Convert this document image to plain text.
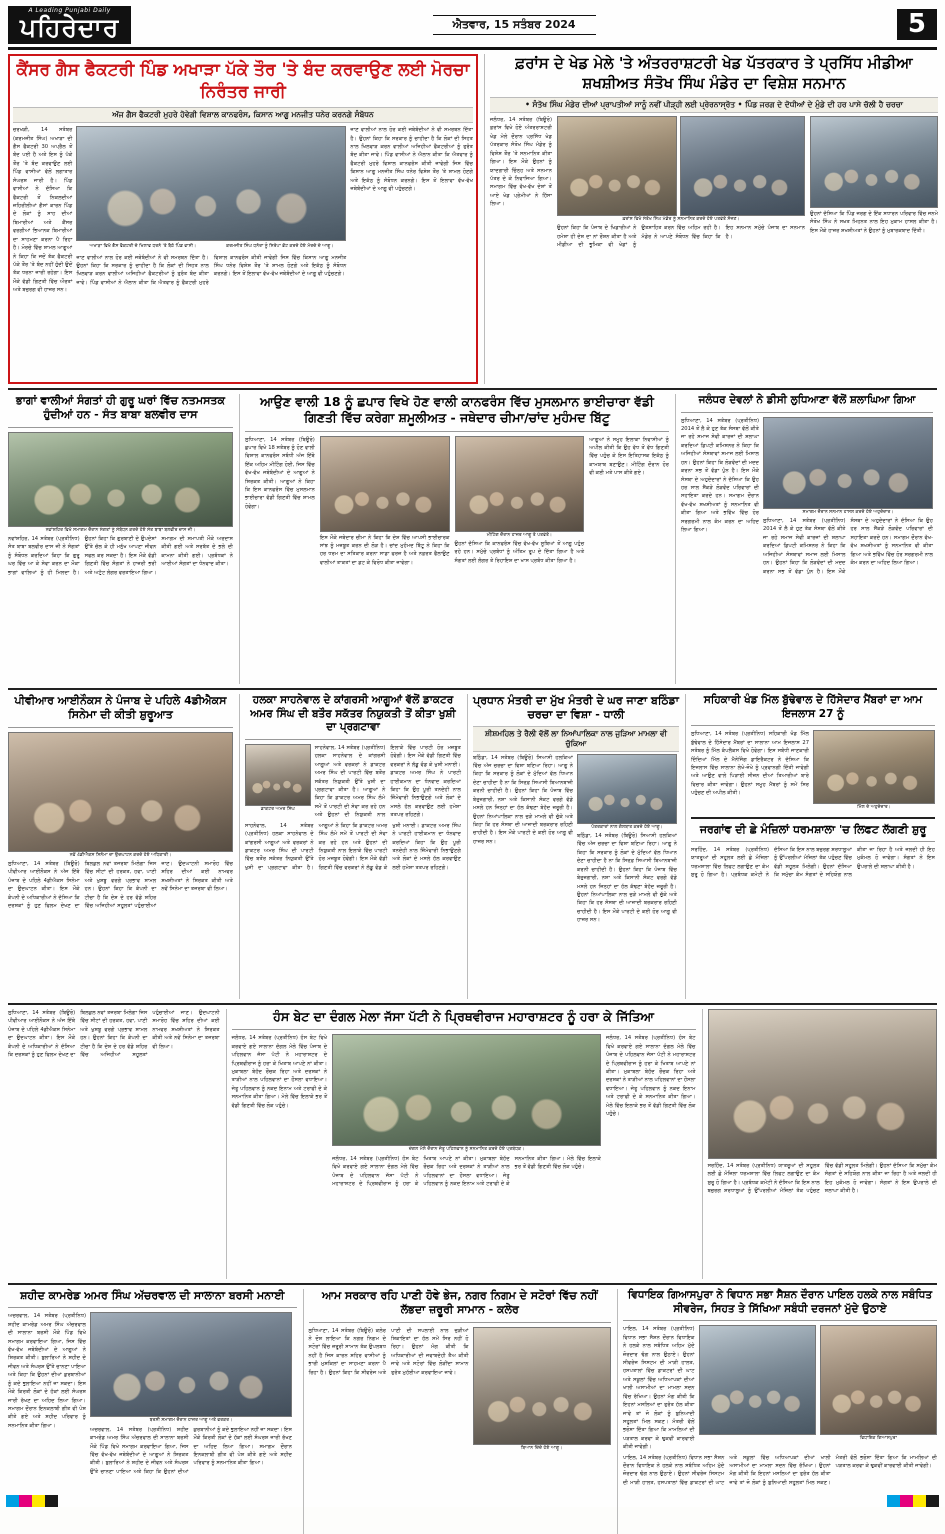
A Leading Punjabi Daily
ਪਹਿਰੇਦਾਰ	ਐਤਵਾਰ, 15 ਸਤੰਬਰ 2024	5
ਕੈਂਸਰ ਗੈਸ ਫੈਕਟਰੀ ਪਿੰਡ ਅਖਾੜਾ ਪੱਕੇ ਤੌਰ 'ਤੇ ਬੰਦ ਕਰਵਾਉਣ ਲਈ ਮੋਰਚਾ ਨਿਰੰਤਰ ਜਾਰੀ
ਅੱਜ ਗੈਸ ਫੈਕਟਰੀ ਮੁਹਰੇ ਹੋਵੇਗੀ ਵਿਸ਼ਾਲ ਕਾਨਫਰੰਸ, ਕਿਸਾਨ ਆਗੂ ਮਨਜੀਤ ਧਨੇਰ ਕਰਨਗੇ ਸੰਬੋਧਨ
ਚਰਖੜੀ, 14 ਸਤੰਬਰ (ਕਰਮਜੀਤ ਸਿੰਘ) ਅਖਾੜਾ ਦੀ ਗੈਸ ਫੈਕਟਰੀ 30 ਅਪ੍ਰੈਲ ਤੋਂ ਬੰਦ ਪਈ ਹੈ ਅਤੇ ਇਸ ਨੂੰ ਪੱਕੇ ਤੌਰ 'ਤੇ ਬੰਦ ਕਰਵਾਉਣ ਲਈ ਪਿੰਡ ਵਾਸੀਆਂ ਵੱਲੋਂ ਲਗਾਤਾਰ ਸੰਘਰਸ਼ ਜਾਰੀ ਹੈ। ਪਿੰਡ ਵਾਸੀਆਂ ਨੇ ਦੱਸਿਆ ਕਿ ਫੈਕਟਰੀ ਤੋਂ ਨਿਕਲਦੀਆਂ ਜ਼ਹਿਰੀਲੀਆਂ ਗੈਸਾਂ ਕਾਰਨ ਪਿੰਡ ਦੇ ਲੋਕਾਂ ਨੂੰ ਸਾਹ ਦੀਆਂ ਬਿਮਾਰੀਆਂ ਅਤੇ ਕੈਂਸਰ ਵਰਗੀਆਂ ਭਿਆਨਕ ਬਿਮਾਰੀਆਂ ਦਾ ਸਾਹਮਣਾ ਕਰਨਾ ਪੈ ਰਿਹਾ ਹੈ। ਮੋਰਚੇ ਵਿੱਚ ਸ਼ਾਮਲ ਆਗੂਆਂ ਨੇ ਕਿਹਾ ਕਿ ਜਦੋਂ ਤੱਕ ਫੈਕਟਰੀ ਪੱਕੇ ਤੌਰ 'ਤੇ ਬੰਦ ਨਹੀਂ ਹੁੰਦੀ ਉਦੋਂ ਤੱਕ ਧਰਨਾ ਜਾਰੀ ਰਹੇਗਾ। ਇਸ ਮੌਕੇ ਵੱਡੀ ਗਿਣਤੀ ਵਿੱਚ ਔਰਤਾਂ ਅਤੇ ਬਜ਼ੁਰਗ ਵੀ ਹਾਜ਼ਰ ਸਨ।
ਅਖਾੜਾ ਵਿਖੇ ਗੈਸ ਫੈਕਟਰੀ ਦੇ ਖਿਲਾਫ ਧਰਨੇ 'ਤੇ ਬੈਠੇ ਪਿੰਡ ਵਾਸੀ।	ਕਰਮਜੀਤ ਸਿੰਘ ਧਨੇਰਾ ਨੂੰ ਸਿਰੋਪਾ ਭੇਂਟ ਕਰਦੇ ਹੋਏ ਮੋਰਚੇ ਦੇ ਆਗੂ।
ਜਾਣ ਵਾਲੀਆਂ ਨਾਲ ਹੋਰ ਕਈ ਜਥੇਬੰਦੀਆਂ ਨੇ ਵੀ ਸਮਰਥਨ ਦਿੱਤਾ ਹੈ। ਉਹਨਾਂ ਕਿਹਾ ਕਿ ਸਰਕਾਰ ਨੂੰ ਚਾਹੀਦਾ ਹੈ ਕਿ ਲੋਕਾਂ ਦੀ ਸਿਹਤ ਨਾਲ ਖਿਲਵਾੜ ਕਰਨ ਵਾਲੀਆਂ ਅਜਿਹੀਆਂ ਫੈਕਟਰੀਆਂ ਨੂੰ ਤੁਰੰਤ ਬੰਦ ਕੀਤਾ ਜਾਵੇ। ਪਿੰਡ ਵਾਸੀਆਂ ਨੇ ਐਲਾਨ ਕੀਤਾ ਕਿ ਐਤਵਾਰ ਨੂੰ ਫੈਕਟਰੀ ਮੁਹਰੇ ਵਿਸ਼ਾਲ ਕਾਨਫਰੰਸ ਕੀਤੀ ਜਾਵੇਗੀ ਜਿਸ ਵਿੱਚ ਕਿਸਾਨ ਆਗੂ ਮਨਜੀਤ ਸਿੰਘ ਧਨੇਰ ਵਿਸ਼ੇਸ਼ ਤੌਰ 'ਤੇ ਸ਼ਾਮਲ ਹੋਣਗੇ ਅਤੇ ਇਕੱਠ ਨੂੰ ਸੰਬੋਧਨ ਕਰਨਗੇ। ਇਸ ਤੋਂ ਇਲਾਵਾ ਵੱਖ-ਵੱਖ ਜਥੇਬੰਦੀਆਂ ਦੇ ਆਗੂ ਵੀ ਪਹੁੰਚਣਗੇ।
ਜਾਣ ਵਾਲੀਆਂ ਨਾਲ ਹੋਰ ਕਈ ਜਥੇਬੰਦੀਆਂ ਨੇ ਵੀ ਸਮਰਥਨ ਦਿੱਤਾ ਹੈ। ਉਹਨਾਂ ਕਿਹਾ ਕਿ ਸਰਕਾਰ ਨੂੰ ਚਾਹੀਦਾ ਹੈ ਕਿ ਲੋਕਾਂ ਦੀ ਸਿਹਤ ਨਾਲ ਖਿਲਵਾੜ ਕਰਨ ਵਾਲੀਆਂ ਅਜਿਹੀਆਂ ਫੈਕਟਰੀਆਂ ਨੂੰ ਤੁਰੰਤ ਬੰਦ ਕੀਤਾ ਜਾਵੇ। ਪਿੰਡ ਵਾਸੀਆਂ ਨੇ ਐਲਾਨ ਕੀਤਾ ਕਿ ਐਤਵਾਰ ਨੂੰ ਫੈਕਟਰੀ ਮੁਹਰੇ ਵਿਸ਼ਾਲ ਕਾਨਫਰੰਸ ਕੀਤੀ ਜਾਵੇਗੀ ਜਿਸ ਵਿੱਚ ਕਿਸਾਨ ਆਗੂ ਮਨਜੀਤ ਸਿੰਘ ਧਨੇਰ ਵਿਸ਼ੇਸ਼ ਤੌਰ 'ਤੇ ਸ਼ਾਮਲ ਹੋਣਗੇ ਅਤੇ ਇਕੱਠ ਨੂੰ ਸੰਬੋਧਨ ਕਰਨਗੇ। ਇਸ ਤੋਂ ਇਲਾਵਾ ਵੱਖ-ਵੱਖ ਜਥੇਬੰਦੀਆਂ ਦੇ ਆਗੂ ਵੀ ਪਹੁੰਚਣਗੇ।
ਫ਼ਰਾਂਸ ਦੇ ਖੇਡ ਮੇਲੇ 'ਤੇ ਅੰਤਰਰਾਸ਼ਟਰੀ ਖੇਡ ਪੱਤਰਕਾਰ ਤੇ ਪ੍ਰਸਿੱਧ ਮੀਡੀਆ ਸ਼ਖਸ਼ੀਅਤ ਸੰਤੋਖ ਸਿੰਘ ਮੰਡੇਰ ਦਾ ਵਿਸ਼ੇਸ਼ ਸਨਮਾਨ
• ਸੰਤੋਖ ਸਿੰਘ ਮੰਡੇਰ ਦੀਆਂ ਪ੍ਰਾਪਤੀਆਂ ਸਾਨੂੰ ਨਵੀਂ ਪੀੜ੍ਹੀ ਲਈ ਪ੍ਰੇਰਨਾਸ੍ਰੋਤ • ਪਿੰਡ ਜਰਗ ਦੇ ਦੋਧੀਆਂ ਦੇ ਮੁੰਡੇ ਦੀ ਹਰ ਪਾਸੇ ਚੱਲੀ ਹੈ ਚਰਚਾ
ਜਲੰਧਰ, 14 ਸਤੰਬਰ (ਬਿਊਰੋ) ਫ਼ਰਾਂਸ ਵਿਖੇ ਹੋਏ ਅੰਤਰਰਾਸ਼ਟਰੀ ਖੇਡ ਮੇਲੇ ਦੌਰਾਨ ਪ੍ਰਸਿੱਧ ਖੇਡ ਪੱਤਰਕਾਰ ਸੰਤੋਖ ਸਿੰਘ ਮੰਡੇਰ ਨੂੰ ਵਿਸ਼ੇਸ਼ ਤੌਰ 'ਤੇ ਸਨਮਾਨਿਤ ਕੀਤਾ ਗਿਆ। ਇਸ ਮੌਕੇ ਉਹਨਾਂ ਨੂੰ ਯਾਦਗਾਰੀ ਚਿੰਨ੍ਹ ਅਤੇ ਸਨਮਾਨ ਪੱਤਰ ਦੇ ਕੇ ਨਿਵਾਜਿਆ ਗਿਆ। ਸਮਾਗਮ ਵਿੱਚ ਵੱਖ-ਵੱਖ ਦੇਸ਼ਾਂ ਤੋਂ ਆਏ ਖੇਡ ਪ੍ਰੇਮੀਆਂ ਨੇ ਹਿੱਸਾ ਲਿਆ।
ਫ਼ਰਾਂਸ ਵਿਖੇ ਸੰਤੋਖ ਸਿੰਘ ਮੰਡੇਰ ਨੂੰ ਸਨਮਾਨਿਤ ਕਰਦੇ ਹੋਏ ਪਤਵੰਤੇ ਸੱਜਣ।
ਉਹਨਾਂ ਕਿਹਾ ਕਿ ਪੰਜਾਬ ਦੇ ਖਿਡਾਰੀਆਂ ਨੇ ਹਮੇਸ਼ਾ ਹੀ ਦੇਸ਼ ਦਾ ਨਾਂ ਰੌਸ਼ਨ ਕੀਤਾ ਹੈ ਅਤੇ ਮੀਡੀਆ ਦੀ ਭੂਮਿਕਾ ਵੀ ਖੇਡਾਂ ਨੂੰ ਉਤਸ਼ਾਹਿਤ ਕਰਨ ਵਿੱਚ ਅਹਿਮ ਰਹੀ ਹੈ। ਮੰਡੇਰ ਨੇ ਆਪਣੇ ਸੰਬੋਧਨ ਵਿੱਚ ਕਿਹਾ ਕਿ ਇਹ ਸਨਮਾਨ ਸਮੁੱਚੇ ਪੰਜਾਬ ਦਾ ਸਨਮਾਨ ਹੈ।
ਉਹਨਾਂ ਦੱਸਿਆ ਕਿ ਪਿੰਡ ਜਰਗ ਦੇ ਇੱਕ ਸਧਾਰਨ ਪਰਿਵਾਰ ਵਿੱਚ ਜਨਮੇ ਸੰਤੋਖ ਸਿੰਘ ਨੇ ਸਖ਼ਤ ਮਿਹਨਤ ਨਾਲ ਇਹ ਮੁਕਾਮ ਹਾਸਲ ਕੀਤਾ ਹੈ। ਇਸ ਮੌਕੇ ਹਾਜ਼ਰ ਸ਼ਖਸ਼ੀਅਤਾਂ ਨੇ ਉਹਨਾਂ ਨੂੰ ਮੁਬਾਰਕਬਾਦ ਦਿੱਤੀ।
ਭਾਗਾਂ ਵਾਲੀਆਂ ਸੰਗਤਾਂ ਹੀ ਗੁਰੂ ਘਰਾਂ ਵਿੱਚ ਨਤਮਸਤਕ ਹੁੰਦੀਆਂ ਹਨ - ਸੰਤ ਬਾਬਾ ਬਲਵੀਰ ਦਾਸ
ਨਵਾਂਸ਼ਹਿਰ ਵਿਖੇ ਸਮਾਗਮ ਦੌਰਾਨ ਸੰਗਤਾਂ ਨੂੰ ਸੰਬੋਧਨ ਕਰਦੇ ਹੋਏ ਸੰਤ ਬਾਬਾ ਬਲਵੀਰ ਦਾਸ ਜੀ।
ਨਵਾਂਸ਼ਹਿਰ, 14 ਸਤੰਬਰ (ਪ੍ਰਤੀਨਿਧ) ਸੰਤ ਬਾਬਾ ਬਲਵੀਰ ਦਾਸ ਜੀ ਨੇ ਸੰਗਤਾਂ ਨੂੰ ਸੰਬੋਧਨ ਕਰਦਿਆਂ ਕਿਹਾ ਕਿ ਗੁਰੂ ਘਰ ਵਿੱਚ ਆ ਕੇ ਸੇਵਾ ਕਰਨ ਦਾ ਮੌਕਾ ਭਾਗਾਂ ਵਾਲਿਆਂ ਨੂੰ ਹੀ ਮਿਲਦਾ ਹੈ। ਉਹਨਾਂ ਕਿਹਾ ਕਿ ਗੁਰਬਾਣੀ ਦੇ ਉਪਦੇਸ਼ਾਂ ਉੱਤੇ ਚੱਲ ਕੇ ਹੀ ਮਨੁੱਖ ਆਪਣਾ ਜੀਵਨ ਸਫਲ ਕਰ ਸਕਦਾ ਹੈ। ਇਸ ਮੌਕੇ ਵੱਡੀ ਗਿਣਤੀ ਵਿੱਚ ਸੰਗਤਾਂ ਨੇ ਹਾਜ਼ਰੀ ਭਰੀ ਅਤੇ ਅਟੁੱਟ ਲੰਗਰ ਵਰਤਾਇਆ ਗਿਆ। ਸਮਾਗਮ ਦੀ ਸਮਾਪਤੀ ਮੌਕੇ ਅਰਦਾਸ ਕੀਤੀ ਗਈ ਅਤੇ ਸਰਬੱਤ ਦੇ ਭਲੇ ਦੀ ਕਾਮਨਾ ਕੀਤੀ ਗਈ। ਪ੍ਰਬੰਧਕਾਂ ਨੇ ਆਈਆਂ ਸੰਗਤਾਂ ਦਾ ਧੰਨਵਾਦ ਕੀਤਾ।
ਆਉਣ ਵਾਲੀ 18 ਨੂੰ ਛਪਾਰ ਵਿਖੇ ਹੋਣ ਵਾਲੀ ਕਾਨਫਰੰਸ ਵਿੱਚ ਮੁਸਲਮਾਨ ਭਾਈਚਾਰਾ ਵੱਡੀ ਗਿਣਤੀ ਵਿੱਚ ਕਰੇਗਾ ਸ਼ਮੂਲੀਅਤ - ਜਥੇਦਾਰ ਚੀਮਾ/ਚਾਂਦ ਮੁਹੰਮਦ ਬਿੱਟੂ
ਲੁਧਿਆਣਾ, 14 ਸਤੰਬਰ (ਬਿਊਰੋ) ਛਪਾਰ ਵਿਖੇ 18 ਸਤੰਬਰ ਨੂੰ ਹੋਣ ਵਾਲੀ ਵਿਸ਼ਾਲ ਕਾਨਫਰੰਸ ਸਬੰਧੀ ਅੱਜ ਇੱਥੇ ਇੱਕ ਅਹਿਮ ਮੀਟਿੰਗ ਹੋਈ, ਜਿਸ ਵਿੱਚ ਵੱਖ-ਵੱਖ ਜਥੇਬੰਦੀਆਂ ਦੇ ਆਗੂਆਂ ਨੇ ਸ਼ਿਰਕਤ ਕੀਤੀ। ਆਗੂਆਂ ਨੇ ਕਿਹਾ ਕਿ ਇਸ ਕਾਨਫਰੰਸ ਵਿੱਚ ਮੁਸਲਮਾਨ ਭਾਈਚਾਰਾ ਵੱਡੀ ਗਿਣਤੀ ਵਿੱਚ ਸ਼ਾਮਲ ਹੋਵੇਗਾ।
ਇਸ ਮੌਕੇ ਜਥੇਦਾਰ ਚੀਮਾ ਨੇ ਕਿਹਾ ਕਿ ਦੇਸ਼ ਵਿੱਚ ਆਪਸੀ ਭਾਈਚਾਰਕ ਸਾਂਝ ਨੂੰ ਮਜ਼ਬੂਤ ਕਰਨ ਦੀ ਲੋੜ ਹੈ। ਚਾਂਦ ਮੁਹੰਮਦ ਬਿੱਟੂ ਨੇ ਕਿਹਾ ਕਿ ਹਰ ਧਰਮ ਦਾ ਸਤਿਕਾਰ ਕਰਨਾ ਸਾਡਾ ਫਰਜ਼ ਹੈ ਅਤੇ ਨਫ਼ਰਤ ਫੈਲਾਉਣ ਵਾਲੀਆਂ ਤਾਕਤਾਂ ਦਾ ਡਟ ਕੇ ਵਿਰੋਧ ਕੀਤਾ ਜਾਵੇਗਾ।
ਮੀਟਿੰਗ ਦੌਰਾਨ ਹਾਜ਼ਰ ਆਗੂ ਤੇ ਪਤਵੰਤੇ।
ਉਹਨਾਂ ਦੱਸਿਆ ਕਿ ਕਾਨਫਰੰਸ ਵਿੱਚ ਵੱਖ-ਵੱਖ ਸੂਬਿਆਂ ਤੋਂ ਆਗੂ ਪਹੁੰਚ ਰਹੇ ਹਨ। ਸਮੁੱਚੇ ਪ੍ਰਬੰਧਾਂ ਨੂੰ ਅੰਤਿਮ ਰੂਪ ਦੇ ਦਿੱਤਾ ਗਿਆ ਹੈ ਅਤੇ ਸੰਗਤਾਂ ਲਈ ਲੰਗਰ ਤੇ ਰਿਹਾਇਸ਼ ਦਾ ਖਾਸ ਪ੍ਰਬੰਧ ਕੀਤਾ ਗਿਆ ਹੈ।
ਆਗੂਆਂ ਨੇ ਸਮੂਹ ਇਲਾਕਾ ਨਿਵਾਸੀਆਂ ਨੂੰ ਅਪੀਲ ਕੀਤੀ ਕਿ ਉਹ ਵੱਧ ਤੋਂ ਵੱਧ ਗਿਣਤੀ ਵਿੱਚ ਪਹੁੰਚ ਕੇ ਇਸ ਇਤਿਹਾਸਕ ਇਕੱਠ ਨੂੰ ਕਾਮਯਾਬ ਬਣਾਉਣ। ਮੀਟਿੰਗ ਦੌਰਾਨ ਹੋਰ ਵੀ ਕਈ ਮਤੇ ਪਾਸ ਕੀਤੇ ਗਏ।
ਜਲੰਧਰ ਦੇਵਲਾਂ ਨੇ ਡੀਸੀ ਲੁਧਿਆਣਾ ਵੱਲੋਂ ਸ਼ਲਾਘਿਆ ਗਿਆ
ਲੁਧਿਆਣਾ, 14 ਸਤੰਬਰ (ਪ੍ਰਤੀਨਿਧ) 2014 ਤੋਂ ਲੈ ਕੇ ਹੁਣ ਤੱਕ ਸੰਸਥਾ ਵੱਲੋਂ ਕੀਤੇ ਜਾ ਰਹੇ ਸਮਾਜ ਸੇਵੀ ਕਾਰਜਾਂ ਦੀ ਸ਼ਲਾਘਾ ਕਰਦਿਆਂ ਡਿਪਟੀ ਕਮਿਸ਼ਨਰ ਨੇ ਕਿਹਾ ਕਿ ਅਜਿਹੀਆਂ ਸੰਸਥਾਵਾਂ ਸਮਾਜ ਲਈ ਮਿਸਾਲ ਹਨ। ਉਹਨਾਂ ਕਿਹਾ ਕਿ ਲੋੜਵੰਦਾਂ ਦੀ ਮਦਦ ਕਰਨਾ ਸਭ ਤੋਂ ਵੱਡਾ ਪੁੰਨ ਹੈ। ਇਸ ਮੌਕੇ ਸੰਸਥਾ ਦੇ ਅਹੁਦੇਦਾਰਾਂ ਨੇ ਦੱਸਿਆ ਕਿ ਉਹ ਹਰ ਸਾਲ ਸੈਂਕੜੇ ਲੋੜਵੰਦ ਪਰਿਵਾਰਾਂ ਦੀ ਸਹਾਇਤਾ ਕਰਦੇ ਹਨ। ਸਮਾਗਮ ਦੌਰਾਨ ਵੱਖ-ਵੱਖ ਸ਼ਖਸ਼ੀਅਤਾਂ ਨੂੰ ਸਨਮਾਨਿਤ ਵੀ ਕੀਤਾ ਗਿਆ ਅਤੇ ਭਵਿੱਖ ਵਿੱਚ ਹੋਰ ਸਰਗਰਮੀ ਨਾਲ ਕੰਮ ਕਰਨ ਦਾ ਅਹਿਦ ਲਿਆ ਗਿਆ।
ਸਮਾਗਮ ਦੌਰਾਨ ਸਨਮਾਨ ਹਾਸਲ ਕਰਦੇ ਹੋਏ ਅਹੁਦੇਦਾਰ।
ਲੁਧਿਆਣਾ, 14 ਸਤੰਬਰ (ਪ੍ਰਤੀਨਿਧ) 2014 ਤੋਂ ਲੈ ਕੇ ਹੁਣ ਤੱਕ ਸੰਸਥਾ ਵੱਲੋਂ ਕੀਤੇ ਜਾ ਰਹੇ ਸਮਾਜ ਸੇਵੀ ਕਾਰਜਾਂ ਦੀ ਸ਼ਲਾਘਾ ਕਰਦਿਆਂ ਡਿਪਟੀ ਕਮਿਸ਼ਨਰ ਨੇ ਕਿਹਾ ਕਿ ਅਜਿਹੀਆਂ ਸੰਸਥਾਵਾਂ ਸਮਾਜ ਲਈ ਮਿਸਾਲ ਹਨ। ਉਹਨਾਂ ਕਿਹਾ ਕਿ ਲੋੜਵੰਦਾਂ ਦੀ ਮਦਦ ਕਰਨਾ ਸਭ ਤੋਂ ਵੱਡਾ ਪੁੰਨ ਹੈ। ਇਸ ਮੌਕੇ ਸੰਸਥਾ ਦੇ ਅਹੁਦੇਦਾਰਾਂ ਨੇ ਦੱਸਿਆ ਕਿ ਉਹ ਹਰ ਸਾਲ ਸੈਂਕੜੇ ਲੋੜਵੰਦ ਪਰਿਵਾਰਾਂ ਦੀ ਸਹਾਇਤਾ ਕਰਦੇ ਹਨ। ਸਮਾਗਮ ਦੌਰਾਨ ਵੱਖ-ਵੱਖ ਸ਼ਖਸ਼ੀਅਤਾਂ ਨੂੰ ਸਨਮਾਨਿਤ ਵੀ ਕੀਤਾ ਗਿਆ ਅਤੇ ਭਵਿੱਖ ਵਿੱਚ ਹੋਰ ਸਰਗਰਮੀ ਨਾਲ ਕੰਮ ਕਰਨ ਦਾ ਅਹਿਦ ਲਿਆ ਗਿਆ।
ਪੀਵੀਆਰ ਆਈਨੌਕਸ ਨੇ ਪੰਜਾਬ ਦੇ ਪਹਿਲੇ 4ਡੀਐਕਸ ਸਿਨੇਮਾ ਦੀ ਕੀਤੀ ਸ਼ੁਰੂਆਤ
ਨਵੇਂ 4ਡੀਐਕਸ ਸਿਨੇਮਾ ਦਾ ਉਦਘਾਟਨ ਕਰਦੇ ਹੋਏ ਅਧਿਕਾਰੀ।
ਲੁਧਿਆਣਾ, 14 ਸਤੰਬਰ (ਬਿਊਰੋ) ਪੀਵੀਆਰ ਆਈਨੌਕਸ ਨੇ ਅੱਜ ਇੱਥੇ ਪੰਜਾਬ ਦੇ ਪਹਿਲੇ 4ਡੀਐਕਸ ਸਿਨੇਮਾ ਦਾ ਉਦਘਾਟਨ ਕੀਤਾ। ਇਸ ਮੌਕੇ ਕੰਪਨੀ ਦੇ ਅਧਿਕਾਰੀਆਂ ਨੇ ਦੱਸਿਆ ਕਿ ਦਰਸ਼ਕਾਂ ਨੂੰ ਹੁਣ ਫਿਲਮ ਦੇਖਣ ਦਾ ਬਿਲਕੁਲ ਨਵਾਂ ਤਜਰਬਾ ਮਿਲੇਗਾ ਜਿਸ ਵਿੱਚ ਸੀਟਾਂ ਦੀ ਹਰਕਤ, ਹਵਾ, ਪਾਣੀ ਅਤੇ ਖੁਸ਼ਬੂ ਵਰਗੇ ਪ੍ਰਭਾਵ ਸ਼ਾਮਲ ਹਨ। ਉਹਨਾਂ ਕਿਹਾ ਕਿ ਕੰਪਨੀ ਦਾ ਟੀਚਾ ਹੈ ਕਿ ਦੇਸ਼ ਦੇ ਹਰ ਵੱਡੇ ਸ਼ਹਿਰ ਵਿੱਚ ਅਜਿਹੀਆਂ ਸਹੂਲਤਾਂ ਪਹੁੰਚਾਈਆਂ ਜਾਣ। ਉਦਘਾਟਨੀ ਸਮਾਰੋਹ ਵਿੱਚ ਸ਼ਹਿਰ ਦੀਆਂ ਕਈ ਨਾਮਵਰ ਸ਼ਖਸ਼ੀਅਤਾਂ ਨੇ ਸ਼ਿਰਕਤ ਕੀਤੀ ਅਤੇ ਨਵੇਂ ਸਿਨੇਮਾ ਦਾ ਤਜਰਬਾ ਵੀ ਲਿਆ।
ਹਲਕਾ ਸਾਹਨੇਵਾਲ ਦੇ ਕਾਂਗਰਸੀ ਆਗੂਆਂ ਵੱਲੋਂ ਡਾਕਟਰ ਅਮਰ ਸਿੰਘ ਦੀ ਬਤੌਰ ਸਕੱਤਰ ਨਿਯੁਕਤੀ ਤੋਂ ਕੀਤਾ ਖੁਸ਼ੀ ਦਾ ਪ੍ਰਗਟਾਵਾ
ਡਾਕਟਰ ਅਮਰ ਸਿੰਘ
ਸਾਹਨੇਵਾਲ, 14 ਸਤੰਬਰ (ਪ੍ਰਤੀਨਿਧ) ਹਲਕਾ ਸਾਹਨੇਵਾਲ ਦੇ ਕਾਂਗਰਸੀ ਆਗੂਆਂ ਅਤੇ ਵਰਕਰਾਂ ਨੇ ਡਾਕਟਰ ਅਮਰ ਸਿੰਘ ਦੀ ਪਾਰਟੀ ਵਿੱਚ ਬਤੌਰ ਸਕੱਤਰ ਨਿਯੁਕਤੀ ਉੱਤੇ ਖੁਸ਼ੀ ਦਾ ਪ੍ਰਗਟਾਵਾ ਕੀਤਾ ਹੈ। ਆਗੂਆਂ ਨੇ ਕਿਹਾ ਕਿ ਡਾਕਟਰ ਅਮਰ ਸਿੰਘ ਲੰਮੇ ਸਮੇਂ ਤੋਂ ਪਾਰਟੀ ਦੀ ਸੇਵਾ ਕਰ ਰਹੇ ਹਨ ਅਤੇ ਉਹਨਾਂ ਦੀ ਨਿਯੁਕਤੀ ਨਾਲ ਇਲਾਕੇ ਵਿੱਚ ਪਾਰਟੀ ਹੋਰ ਮਜ਼ਬੂਤ ਹੋਵੇਗੀ। ਇਸ ਮੌਕੇ ਵੱਡੀ ਗਿਣਤੀ ਵਿੱਚ ਵਰਕਰਾਂ ਨੇ ਲੱਡੂ ਵੰਡ ਕੇ ਖੁਸ਼ੀ ਮਨਾਈ। ਡਾਕਟਰ ਅਮਰ ਸਿੰਘ ਨੇ ਪਾਰਟੀ ਹਾਈਕਮਾਨ ਦਾ ਧੰਨਵਾਦ ਕਰਦਿਆਂ ਕਿਹਾ ਕਿ ਉਹ ਪੂਰੀ ਤਨਦੇਹੀ ਨਾਲ ਜ਼ਿੰਮੇਵਾਰੀ ਨਿਭਾਉਣਗੇ ਅਤੇ ਲੋਕਾਂ ਦੇ ਮਸਲੇ ਹੱਲ ਕਰਵਾਉਣ ਲਈ ਹਮੇਸ਼ਾ ਤਤਪਰ ਰਹਿਣਗੇ।
ਸਾਹਨੇਵਾਲ, 14 ਸਤੰਬਰ (ਪ੍ਰਤੀਨਿਧ) ਹਲਕਾ ਸਾਹਨੇਵਾਲ ਦੇ ਕਾਂਗਰਸੀ ਆਗੂਆਂ ਅਤੇ ਵਰਕਰਾਂ ਨੇ ਡਾਕਟਰ ਅਮਰ ਸਿੰਘ ਦੀ ਪਾਰਟੀ ਵਿੱਚ ਬਤੌਰ ਸਕੱਤਰ ਨਿਯੁਕਤੀ ਉੱਤੇ ਖੁਸ਼ੀ ਦਾ ਪ੍ਰਗਟਾਵਾ ਕੀਤਾ ਹੈ। ਆਗੂਆਂ ਨੇ ਕਿਹਾ ਕਿ ਡਾਕਟਰ ਅਮਰ ਸਿੰਘ ਲੰਮੇ ਸਮੇਂ ਤੋਂ ਪਾਰਟੀ ਦੀ ਸੇਵਾ ਕਰ ਰਹੇ ਹਨ ਅਤੇ ਉਹਨਾਂ ਦੀ ਨਿਯੁਕਤੀ ਨਾਲ ਇਲਾਕੇ ਵਿੱਚ ਪਾਰਟੀ ਹੋਰ ਮਜ਼ਬੂਤ ਹੋਵੇਗੀ। ਇਸ ਮੌਕੇ ਵੱਡੀ ਗਿਣਤੀ ਵਿੱਚ ਵਰਕਰਾਂ ਨੇ ਲੱਡੂ ਵੰਡ ਕੇ ਖੁਸ਼ੀ ਮਨਾਈ। ਡਾਕਟਰ ਅਮਰ ਸਿੰਘ ਨੇ ਪਾਰਟੀ ਹਾਈਕਮਾਨ ਦਾ ਧੰਨਵਾਦ ਕਰਦਿਆਂ ਕਿਹਾ ਕਿ ਉਹ ਪੂਰੀ ਤਨਦੇਹੀ ਨਾਲ ਜ਼ਿੰਮੇਵਾਰੀ ਨਿਭਾਉਣਗੇ ਅਤੇ ਲੋਕਾਂ ਦੇ ਮਸਲੇ ਹੱਲ ਕਰਵਾਉਣ ਲਈ ਹਮੇਸ਼ਾ ਤਤਪਰ ਰਹਿਣਗੇ।
ਪ੍ਰਧਾਨ ਮੰਤਰੀ ਦਾ ਮੁੱਖ ਮੰਤਰੀ ਦੇ ਘਰ ਜਾਣਾ ਬਠਿੰਡਾ ਚਰਚਾ ਦਾ ਵਿਸ਼ਾ - ਧਾਲੀ
ਸ਼ੀਸ਼ਮਹਿਲ ਤੇ ਰੈਲੀ ਵੱਲੋਂ ਲਾ ਨਿਆਂਪਾਲਿਕਾ ਨਾਲ ਜੁੜਿਆ ਮਾਮਲਾ ਵੀ ਚੁੱਕਿਆ
ਬਠਿੰਡਾ, 14 ਸਤੰਬਰ (ਬਿਊਰੋ) ਸਿਆਸੀ ਹਲਕਿਆਂ ਵਿੱਚ ਅੱਜ ਚਰਚਾ ਦਾ ਵਿਸ਼ਾ ਬਣਿਆ ਰਿਹਾ। ਆਗੂ ਨੇ ਕਿਹਾ ਕਿ ਸਰਕਾਰ ਨੂੰ ਲੋਕਾਂ ਦੇ ਮੁੱਦਿਆਂ ਵੱਲ ਧਿਆਨ ਦੇਣਾ ਚਾਹੀਦਾ ਹੈ ਨਾ ਕਿ ਸਿਰਫ਼ ਸਿਆਸੀ ਬਿਆਨਬਾਜ਼ੀ ਕਰਨੀ ਚਾਹੀਦੀ ਹੈ। ਉਹਨਾਂ ਕਿਹਾ ਕਿ ਪੰਜਾਬ ਵਿੱਚ ਬੇਰੁਜ਼ਗਾਰੀ, ਨਸ਼ਾ ਅਤੇ ਕਿਸਾਨੀ ਸੰਕਟ ਵਰਗੇ ਵੱਡੇ ਮਸਲੇ ਹਨ ਜਿਨ੍ਹਾਂ ਦਾ ਹੱਲ ਕੱਢਣਾ ਬੇਹੱਦ ਜ਼ਰੂਰੀ ਹੈ। ਉਹਨਾਂ ਨਿਆਂਪਾਲਿਕਾ ਨਾਲ ਜੁੜੇ ਮਾਮਲੇ ਵੀ ਚੁੱਕੇ ਅਤੇ ਕਿਹਾ ਕਿ ਹਰ ਸੰਸਥਾ ਦੀ ਆਜ਼ਾਦੀ ਬਰਕਰਾਰ ਰਹਿਣੀ ਚਾਹੀਦੀ ਹੈ। ਇਸ ਮੌਕੇ ਪਾਰਟੀ ਦੇ ਕਈ ਹੋਰ ਆਗੂ ਵੀ ਹਾਜ਼ਰ ਸਨ।
ਪੱਤਰਕਾਰਾਂ ਨਾਲ ਗੱਲਬਾਤ ਕਰਦੇ ਹੋਏ ਆਗੂ।
ਬਠਿੰਡਾ, 14 ਸਤੰਬਰ (ਬਿਊਰੋ) ਸਿਆਸੀ ਹਲਕਿਆਂ ਵਿੱਚ ਅੱਜ ਚਰਚਾ ਦਾ ਵਿਸ਼ਾ ਬਣਿਆ ਰਿਹਾ। ਆਗੂ ਨੇ ਕਿਹਾ ਕਿ ਸਰਕਾਰ ਨੂੰ ਲੋਕਾਂ ਦੇ ਮੁੱਦਿਆਂ ਵੱਲ ਧਿਆਨ ਦੇਣਾ ਚਾਹੀਦਾ ਹੈ ਨਾ ਕਿ ਸਿਰਫ਼ ਸਿਆਸੀ ਬਿਆਨਬਾਜ਼ੀ ਕਰਨੀ ਚਾਹੀਦੀ ਹੈ। ਉਹਨਾਂ ਕਿਹਾ ਕਿ ਪੰਜਾਬ ਵਿੱਚ ਬੇਰੁਜ਼ਗਾਰੀ, ਨਸ਼ਾ ਅਤੇ ਕਿਸਾਨੀ ਸੰਕਟ ਵਰਗੇ ਵੱਡੇ ਮਸਲੇ ਹਨ ਜਿਨ੍ਹਾਂ ਦਾ ਹੱਲ ਕੱਢਣਾ ਬੇਹੱਦ ਜ਼ਰੂਰੀ ਹੈ। ਉਹਨਾਂ ਨਿਆਂਪਾਲਿਕਾ ਨਾਲ ਜੁੜੇ ਮਾਮਲੇ ਵੀ ਚੁੱਕੇ ਅਤੇ ਕਿਹਾ ਕਿ ਹਰ ਸੰਸਥਾ ਦੀ ਆਜ਼ਾਦੀ ਬਰਕਰਾਰ ਰਹਿਣੀ ਚਾਹੀਦੀ ਹੈ। ਇਸ ਮੌਕੇ ਪਾਰਟੀ ਦੇ ਕਈ ਹੋਰ ਆਗੂ ਵੀ ਹਾਜ਼ਰ ਸਨ।
ਸਹਿਕਾਰੀ ਖੰਡ ਮਿੱਲ ਬੁੱਢੇਵਾਲ ਦੇ ਹਿੱਸੇਦਾਰ ਮੈਂਬਰਾਂ ਦਾ ਆਮ ਇਜਲਾਸ 27 ਨੂੰ
ਲੁਧਿਆਣਾ, 14 ਸਤੰਬਰ (ਪ੍ਰਤੀਨਿਧ) ਸਹਿਕਾਰੀ ਖੰਡ ਮਿੱਲ ਬੁੱਢੇਵਾਲ ਦੇ ਹਿੱਸੇਦਾਰ ਮੈਂਬਰਾਂ ਦਾ ਸਾਲਾਨਾ ਆਮ ਇਜਲਾਸ 27 ਸਤੰਬਰ ਨੂੰ ਮਿੱਲ ਕੰਪਲੈਕਸ ਵਿਖੇ ਹੋਵੇਗਾ। ਇਸ ਸਬੰਧੀ ਜਾਣਕਾਰੀ ਦਿੰਦਿਆਂ ਮਿੱਲ ਦੇ ਮੈਨੇਜਿੰਗ ਡਾਇਰੈਕਟਰ ਨੇ ਦੱਸਿਆ ਕਿ ਇਜਲਾਸ ਵਿੱਚ ਸਾਲਾਨਾ ਲੇਖੇ-ਜੋਖੇ ਨੂੰ ਪ੍ਰਵਾਨਗੀ ਦਿੱਤੀ ਜਾਵੇਗੀ ਅਤੇ ਆਉਣ ਵਾਲੇ ਪਿੜਾਈ ਸੀਜ਼ਨ ਦੀਆਂ ਤਿਆਰੀਆਂ ਬਾਰੇ ਵਿਚਾਰ ਕੀਤਾ ਜਾਵੇਗਾ। ਉਹਨਾਂ ਸਮੂਹ ਮੈਂਬਰਾਂ ਨੂੰ ਸਮੇਂ ਸਿਰ ਪਹੁੰਚਣ ਦੀ ਅਪੀਲ ਕੀਤੀ।
ਮਿੱਲ ਦੇ ਅਹੁਦੇਦਾਰ।
ਜਰਗਾਂਵ ਦੀ ਛੇ ਮੰਜ਼ਿਲਾਂ ਧਰਮਸ਼ਾਲਾ 'ਚ ਲਿਫਟ ਲੱਗਣੀ ਸ਼ੁਰੂ
ਸਰਹਿੰਦ, 14 ਸਤੰਬਰ (ਪ੍ਰਤੀਨਿਧ) ਯਾਤਰੂਆਂ ਦੀ ਸਹੂਲਤ ਲਈ ਛੇ ਮੰਜ਼ਿਲਾ ਧਰਮਸ਼ਾਲਾ ਵਿੱਚ ਲਿਫਟ ਲਗਾਉਣ ਦਾ ਕੰਮ ਸ਼ੁਰੂ ਹੋ ਗਿਆ ਹੈ। ਪ੍ਰਬੰਧਕ ਕਮੇਟੀ ਨੇ ਦੱਸਿਆ ਕਿ ਇਸ ਨਾਲ ਬਜ਼ੁਰਗ ਸ਼ਰਧਾਲੂਆਂ ਨੂੰ ਉੱਪਰਲੀਆਂ ਮੰਜ਼ਿਲਾਂ ਤੱਕ ਪਹੁੰਚਣ ਵਿੱਚ ਵੱਡੀ ਸਹੂਲਤ ਮਿਲੇਗੀ। ਉਹਨਾਂ ਦੱਸਿਆ ਕਿ ਸਮੁੱਚਾ ਕੰਮ ਸੰਗਤਾਂ ਦੇ ਸਹਿਯੋਗ ਨਾਲ ਕੀਤਾ ਜਾ ਰਿਹਾ ਹੈ ਅਤੇ ਜਲਦੀ ਹੀ ਇਹ ਮੁਕੰਮਲ ਹੋ ਜਾਵੇਗਾ। ਸੰਗਤਾਂ ਨੇ ਇਸ ਉਪਰਾਲੇ ਦੀ ਸ਼ਲਾਘਾ ਕੀਤੀ ਹੈ।
ਲੁਧਿਆਣਾ, 14 ਸਤੰਬਰ (ਬਿਊਰੋ) ਪੀਵੀਆਰ ਆਈਨੌਕਸ ਨੇ ਅੱਜ ਇੱਥੇ ਪੰਜਾਬ ਦੇ ਪਹਿਲੇ 4ਡੀਐਕਸ ਸਿਨੇਮਾ ਦਾ ਉਦਘਾਟਨ ਕੀਤਾ। ਇਸ ਮੌਕੇ ਕੰਪਨੀ ਦੇ ਅਧਿਕਾਰੀਆਂ ਨੇ ਦੱਸਿਆ ਕਿ ਦਰਸ਼ਕਾਂ ਨੂੰ ਹੁਣ ਫਿਲਮ ਦੇਖਣ ਦਾ ਬਿਲਕੁਲ ਨਵਾਂ ਤਜਰਬਾ ਮਿਲੇਗਾ ਜਿਸ ਵਿੱਚ ਸੀਟਾਂ ਦੀ ਹਰਕਤ, ਹਵਾ, ਪਾਣੀ ਅਤੇ ਖੁਸ਼ਬੂ ਵਰਗੇ ਪ੍ਰਭਾਵ ਸ਼ਾਮਲ ਹਨ। ਉਹਨਾਂ ਕਿਹਾ ਕਿ ਕੰਪਨੀ ਦਾ ਟੀਚਾ ਹੈ ਕਿ ਦੇਸ਼ ਦੇ ਹਰ ਵੱਡੇ ਸ਼ਹਿਰ ਵਿੱਚ ਅਜਿਹੀਆਂ ਸਹੂਲਤਾਂ ਪਹੁੰਚਾਈਆਂ ਜਾਣ। ਉਦਘਾਟਨੀ ਸਮਾਰੋਹ ਵਿੱਚ ਸ਼ਹਿਰ ਦੀਆਂ ਕਈ ਨਾਮਵਰ ਸ਼ਖਸ਼ੀਅਤਾਂ ਨੇ ਸ਼ਿਰਕਤ ਕੀਤੀ ਅਤੇ ਨਵੇਂ ਸਿਨੇਮਾ ਦਾ ਤਜਰਬਾ ਵੀ ਲਿਆ।
ਹੰਸ ਬੇਟ ਦਾ ਦੰਗਲ ਮੇਲਾ ਜੱਸਾ ਪੱਟੀ ਨੇ ਪ੍ਰਿਥਵੀਰਾਜ ਮਹਾਰਾਸ਼ਟਰ ਨੂੰ ਹਰਾ ਕੇ ਜਿੱਤਿਆ
ਜਲੰਧਰ, 14 ਸਤੰਬਰ (ਪ੍ਰਤੀਨਿਧ) ਹੰਸ ਬੇਟ ਵਿਖੇ ਕਰਵਾਏ ਗਏ ਸਾਲਾਨਾ ਦੰਗਲ ਮੇਲੇ ਵਿੱਚ ਪੰਜਾਬ ਦੇ ਪਹਿਲਵਾਨ ਜੱਸਾ ਪੱਟੀ ਨੇ ਮਹਾਰਾਸ਼ਟਰ ਦੇ ਪ੍ਰਿਥਵੀਰਾਜ ਨੂੰ ਹਰਾ ਕੇ ਖਿਤਾਬ ਆਪਣੇ ਨਾਂ ਕੀਤਾ। ਮੁਕਾਬਲਾ ਬੇਹੱਦ ਰੌਚਕ ਰਿਹਾ ਅਤੇ ਦਰਸ਼ਕਾਂ ਨੇ ਤਾੜੀਆਂ ਨਾਲ ਪਹਿਲਵਾਨਾਂ ਦਾ ਹੌਸਲਾ ਵਧਾਇਆ। ਜੇਤੂ ਪਹਿਲਵਾਨ ਨੂੰ ਨਕਦ ਇਨਾਮ ਅਤੇ ਟਰਾਫੀ ਦੇ ਕੇ ਸਨਮਾਨਿਤ ਕੀਤਾ ਗਿਆ। ਮੇਲੇ ਵਿੱਚ ਇਲਾਕੇ ਭਰ ਤੋਂ ਵੱਡੀ ਗਿਣਤੀ ਵਿੱਚ ਲੋਕ ਪਹੁੰਚੇ।
ਦੰਗਲ ਮੇਲੇ ਦੌਰਾਨ ਜੇਤੂ ਪਹਿਲਵਾਨ ਨੂੰ ਸਨਮਾਨਿਤ ਕਰਦੇ ਹੋਏ ਪ੍ਰਬੰਧਕ।
ਜਲੰਧਰ, 14 ਸਤੰਬਰ (ਪ੍ਰਤੀਨਿਧ) ਹੰਸ ਬੇਟ ਵਿਖੇ ਕਰਵਾਏ ਗਏ ਸਾਲਾਨਾ ਦੰਗਲ ਮੇਲੇ ਵਿੱਚ ਪੰਜਾਬ ਦੇ ਪਹਿਲਵਾਨ ਜੱਸਾ ਪੱਟੀ ਨੇ ਮਹਾਰਾਸ਼ਟਰ ਦੇ ਪ੍ਰਿਥਵੀਰਾਜ ਨੂੰ ਹਰਾ ਕੇ ਖਿਤਾਬ ਆਪਣੇ ਨਾਂ ਕੀਤਾ। ਮੁਕਾਬਲਾ ਬੇਹੱਦ ਰੌਚਕ ਰਿਹਾ ਅਤੇ ਦਰਸ਼ਕਾਂ ਨੇ ਤਾੜੀਆਂ ਨਾਲ ਪਹਿਲਵਾਨਾਂ ਦਾ ਹੌਸਲਾ ਵਧਾਇਆ। ਜੇਤੂ ਪਹਿਲਵਾਨ ਨੂੰ ਨਕਦ ਇਨਾਮ ਅਤੇ ਟਰਾਫੀ ਦੇ ਕੇ ਸਨਮਾਨਿਤ ਕੀਤਾ ਗਿਆ। ਮੇਲੇ ਵਿੱਚ ਇਲਾਕੇ ਭਰ ਤੋਂ ਵੱਡੀ ਗਿਣਤੀ ਵਿੱਚ ਲੋਕ ਪਹੁੰਚੇ।
ਜਲੰਧਰ, 14 ਸਤੰਬਰ (ਪ੍ਰਤੀਨਿਧ) ਹੰਸ ਬੇਟ ਵਿਖੇ ਕਰਵਾਏ ਗਏ ਸਾਲਾਨਾ ਦੰਗਲ ਮੇਲੇ ਵਿੱਚ ਪੰਜਾਬ ਦੇ ਪਹਿਲਵਾਨ ਜੱਸਾ ਪੱਟੀ ਨੇ ਮਹਾਰਾਸ਼ਟਰ ਦੇ ਪ੍ਰਿਥਵੀਰਾਜ ਨੂੰ ਹਰਾ ਕੇ ਖਿਤਾਬ ਆਪਣੇ ਨਾਂ ਕੀਤਾ। ਮੁਕਾਬਲਾ ਬੇਹੱਦ ਰੌਚਕ ਰਿਹਾ ਅਤੇ ਦਰਸ਼ਕਾਂ ਨੇ ਤਾੜੀਆਂ ਨਾਲ ਪਹਿਲਵਾਨਾਂ ਦਾ ਹੌਸਲਾ ਵਧਾਇਆ। ਜੇਤੂ ਪਹਿਲਵਾਨ ਨੂੰ ਨਕਦ ਇਨਾਮ ਅਤੇ ਟਰਾਫੀ ਦੇ ਕੇ ਸਨਮਾਨਿਤ ਕੀਤਾ ਗਿਆ। ਮੇਲੇ ਵਿੱਚ ਇਲਾਕੇ ਭਰ ਤੋਂ ਵੱਡੀ ਗਿਣਤੀ ਵਿੱਚ ਲੋਕ ਪਹੁੰਚੇ।
ਸਰਹਿੰਦ, 14 ਸਤੰਬਰ (ਪ੍ਰਤੀਨਿਧ) ਯਾਤਰੂਆਂ ਦੀ ਸਹੂਲਤ ਲਈ ਛੇ ਮੰਜ਼ਿਲਾ ਧਰਮਸ਼ਾਲਾ ਵਿੱਚ ਲਿਫਟ ਲਗਾਉਣ ਦਾ ਕੰਮ ਸ਼ੁਰੂ ਹੋ ਗਿਆ ਹੈ। ਪ੍ਰਬੰਧਕ ਕਮੇਟੀ ਨੇ ਦੱਸਿਆ ਕਿ ਇਸ ਨਾਲ ਬਜ਼ੁਰਗ ਸ਼ਰਧਾਲੂਆਂ ਨੂੰ ਉੱਪਰਲੀਆਂ ਮੰਜ਼ਿਲਾਂ ਤੱਕ ਪਹੁੰਚਣ ਵਿੱਚ ਵੱਡੀ ਸਹੂਲਤ ਮਿਲੇਗੀ। ਉਹਨਾਂ ਦੱਸਿਆ ਕਿ ਸਮੁੱਚਾ ਕੰਮ ਸੰਗਤਾਂ ਦੇ ਸਹਿਯੋਗ ਨਾਲ ਕੀਤਾ ਜਾ ਰਿਹਾ ਹੈ ਅਤੇ ਜਲਦੀ ਹੀ ਇਹ ਮੁਕੰਮਲ ਹੋ ਜਾਵੇਗਾ। ਸੰਗਤਾਂ ਨੇ ਇਸ ਉਪਰਾਲੇ ਦੀ ਸ਼ਲਾਘਾ ਕੀਤੀ ਹੈ।
ਸ਼ਹੀਦ ਕਾਮਰੇਡ ਅਮਰ ਸਿੰਘ ਅੱਚਰਵਾਲ ਦੀ ਸਾਲਾਨਾ ਬਰਸੀ ਮਨਾਈ
ਅਚਰਵਾਲ, 14 ਸਤੰਬਰ (ਪ੍ਰਤੀਨਿਧ) ਸ਼ਹੀਦ ਕਾਮਰੇਡ ਅਮਰ ਸਿੰਘ ਅੱਚਰਵਾਲ ਦੀ ਸਾਲਾਨਾ ਬਰਸੀ ਮੌਕੇ ਪਿੰਡ ਵਿਖੇ ਸਮਾਗਮ ਕਰਵਾਇਆ ਗਿਆ, ਜਿਸ ਵਿੱਚ ਵੱਖ-ਵੱਖ ਜਥੇਬੰਦੀਆਂ ਦੇ ਆਗੂਆਂ ਨੇ ਸ਼ਿਰਕਤ ਕੀਤੀ। ਬੁਲਾਰਿਆਂ ਨੇ ਸ਼ਹੀਦ ਦੇ ਜੀਵਨ ਅਤੇ ਸੰਘਰਸ਼ ਉੱਤੇ ਚਾਨਣਾ ਪਾਇਆ ਅਤੇ ਕਿਹਾ ਕਿ ਉਹਨਾਂ ਦੀਆਂ ਕੁਰਬਾਨੀਆਂ ਨੂੰ ਕਦੇ ਭੁਲਾਇਆ ਨਹੀਂ ਜਾ ਸਕਦਾ। ਇਸ ਮੌਕੇ ਕਿਰਤੀ ਲੋਕਾਂ ਦੇ ਹੱਕਾਂ ਲਈ ਸੰਘਰਸ਼ ਜਾਰੀ ਰੱਖਣ ਦਾ ਅਹਿਦ ਲਿਆ ਗਿਆ। ਸਮਾਗਮ ਦੌਰਾਨ ਇਨਕਲਾਬੀ ਗੀਤ ਵੀ ਪੇਸ਼ ਕੀਤੇ ਗਏ ਅਤੇ ਸ਼ਹੀਦ ਪਰਿਵਾਰ ਨੂੰ ਸਨਮਾਨਿਤ ਕੀਤਾ ਗਿਆ।
ਬਰਸੀ ਸਮਾਗਮ ਦੌਰਾਨ ਹਾਜ਼ਰ ਆਗੂ ਅਤੇ ਵਰਕਰ।
ਅਚਰਵਾਲ, 14 ਸਤੰਬਰ (ਪ੍ਰਤੀਨਿਧ) ਸ਼ਹੀਦ ਕਾਮਰੇਡ ਅਮਰ ਸਿੰਘ ਅੱਚਰਵਾਲ ਦੀ ਸਾਲਾਨਾ ਬਰਸੀ ਮੌਕੇ ਪਿੰਡ ਵਿਖੇ ਸਮਾਗਮ ਕਰਵਾਇਆ ਗਿਆ, ਜਿਸ ਵਿੱਚ ਵੱਖ-ਵੱਖ ਜਥੇਬੰਦੀਆਂ ਦੇ ਆਗੂਆਂ ਨੇ ਸ਼ਿਰਕਤ ਕੀਤੀ। ਬੁਲਾਰਿਆਂ ਨੇ ਸ਼ਹੀਦ ਦੇ ਜੀਵਨ ਅਤੇ ਸੰਘਰਸ਼ ਉੱਤੇ ਚਾਨਣਾ ਪਾਇਆ ਅਤੇ ਕਿਹਾ ਕਿ ਉਹਨਾਂ ਦੀਆਂ ਕੁਰਬਾਨੀਆਂ ਨੂੰ ਕਦੇ ਭੁਲਾਇਆ ਨਹੀਂ ਜਾ ਸਕਦਾ। ਇਸ ਮੌਕੇ ਕਿਰਤੀ ਲੋਕਾਂ ਦੇ ਹੱਕਾਂ ਲਈ ਸੰਘਰਸ਼ ਜਾਰੀ ਰੱਖਣ ਦਾ ਅਹਿਦ ਲਿਆ ਗਿਆ। ਸਮਾਗਮ ਦੌਰਾਨ ਇਨਕਲਾਬੀ ਗੀਤ ਵੀ ਪੇਸ਼ ਕੀਤੇ ਗਏ ਅਤੇ ਸ਼ਹੀਦ ਪਰਿਵਾਰ ਨੂੰ ਸਨਮਾਨਿਤ ਕੀਤਾ ਗਿਆ।
ਆਮ ਸਰਕਾਰ ਰਹਿ ਪਾਣੀ ਹੋਵੇ ਭੇਜ, ਨਗਰ ਨਿਗਮ ਦੇ ਸਟੋਰਾਂ ਵਿੱਚ ਨਹੀਂ ਲੱਭਦਾ ਜ਼ਰੂਰੀ ਸਾਮਾਨ - ਕਲੇਰ
ਲੁਧਿਆਣਾ, 14 ਸਤੰਬਰ (ਬਿਊਰੋ) ਕਲੇਰ ਨੇ ਦੋਸ਼ ਲਾਇਆ ਕਿ ਨਗਰ ਨਿਗਮ ਦੇ ਸਟੋਰਾਂ ਵਿੱਚ ਜ਼ਰੂਰੀ ਸਾਮਾਨ ਤੱਕ ਉਪਲਬਧ ਨਹੀਂ ਹੈ ਜਿਸ ਕਾਰਨ ਸ਼ਹਿਰ ਵਾਸੀਆਂ ਨੂੰ ਭਾਰੀ ਮੁਸ਼ਕਿਲਾਂ ਦਾ ਸਾਹਮਣਾ ਕਰਨਾ ਪੈ ਰਿਹਾ ਹੈ। ਉਹਨਾਂ ਕਿਹਾ ਕਿ ਸੀਵਰੇਜ ਅਤੇ ਪਾਣੀ ਦੀ ਸਪਲਾਈ ਨਾਲ ਜੁੜੀਆਂ ਸ਼ਿਕਾਇਤਾਂ ਦਾ ਹੱਲ ਸਮੇਂ ਸਿਰ ਨਹੀਂ ਹੋ ਰਿਹਾ। ਉਹਨਾਂ ਮੰਗ ਕੀਤੀ ਕਿ ਅਧਿਕਾਰੀਆਂ ਦੀ ਜਵਾਬਦੇਹੀ ਤੈਅ ਕੀਤੀ ਜਾਵੇ ਅਤੇ ਸਟੋਰਾਂ ਵਿੱਚ ਲੋੜੀਂਦਾ ਸਾਮਾਨ ਤੁਰੰਤ ਮੁਹੱਈਆ ਕਰਵਾਇਆ ਜਾਵੇ।
ਬਿਆਨ ਦਿੰਦੇ ਹੋਏ ਆਗੂ।
ਵਿਧਾਇਕ ਗਿਆਸਪੁਰਾ ਨੇ ਵਿਧਾਨ ਸਭਾ ਸੈਸ਼ਨ ਦੌਰਾਨ ਪਾਇਲ ਹਲਕੇ ਨਾਲ ਸਬੰਧਿਤ ਸੀਵਰੇਜ, ਸਿਹਤ ਤੇ ਸਿੱਖਿਆ ਸਬੰਧੀ ਦਰਜਨਾਂ ਮੁੱਦੇ ਉਠਾਏ
ਪਾਇਲ, 14 ਸਤੰਬਰ (ਪ੍ਰਤੀਨਿਧ) ਵਿਧਾਨ ਸਭਾ ਸੈਸ਼ਨ ਦੌਰਾਨ ਵਿਧਾਇਕ ਨੇ ਹਲਕੇ ਨਾਲ ਸਬੰਧਿਤ ਅਹਿਮ ਮੁੱਦੇ ਜ਼ੋਰਦਾਰ ਢੰਗ ਨਾਲ ਉਠਾਏ। ਉਹਨਾਂ ਸੀਵਰੇਜ ਸਿਸਟਮ ਦੀ ਮਾੜੀ ਹਾਲਤ, ਹਸਪਤਾਲਾਂ ਵਿੱਚ ਡਾਕਟਰਾਂ ਦੀ ਘਾਟ ਅਤੇ ਸਕੂਲਾਂ ਵਿੱਚ ਅਧਿਆਪਕਾਂ ਦੀਆਂ ਖਾਲੀ ਅਸਾਮੀਆਂ ਦਾ ਮਾਮਲਾ ਸਦਨ ਵਿੱਚ ਰੱਖਿਆ। ਉਹਨਾਂ ਮੰਗ ਕੀਤੀ ਕਿ ਇਹਨਾਂ ਮਸਲਿਆਂ ਦਾ ਤੁਰੰਤ ਹੱਲ ਕੀਤਾ ਜਾਵੇ ਤਾਂ ਜੋ ਲੋਕਾਂ ਨੂੰ ਬੁਨਿਆਦੀ ਸਹੂਲਤਾਂ ਮਿਲ ਸਕਣ। ਮੰਤਰੀ ਵੱਲੋਂ ਭਰੋਸਾ ਦਿੱਤਾ ਗਿਆ ਕਿ ਮਾਮਲਿਆਂ ਦੀ ਪੜਤਾਲ ਕਰਵਾ ਕੇ ਢੁਕਵੀਂ ਕਾਰਵਾਈ ਕੀਤੀ ਜਾਵੇਗੀ।
ਵਿਧਾਇਕ ਗਿਆਸਪੁਰਾ
ਪਾਇਲ, 14 ਸਤੰਬਰ (ਪ੍ਰਤੀਨਿਧ) ਵਿਧਾਨ ਸਭਾ ਸੈਸ਼ਨ ਦੌਰਾਨ ਵਿਧਾਇਕ ਨੇ ਹਲਕੇ ਨਾਲ ਸਬੰਧਿਤ ਅਹਿਮ ਮੁੱਦੇ ਜ਼ੋਰਦਾਰ ਢੰਗ ਨਾਲ ਉਠਾਏ। ਉਹਨਾਂ ਸੀਵਰੇਜ ਸਿਸਟਮ ਦੀ ਮਾੜੀ ਹਾਲਤ, ਹਸਪਤਾਲਾਂ ਵਿੱਚ ਡਾਕਟਰਾਂ ਦੀ ਘਾਟ ਅਤੇ ਸਕੂਲਾਂ ਵਿੱਚ ਅਧਿਆਪਕਾਂ ਦੀਆਂ ਖਾਲੀ ਅਸਾਮੀਆਂ ਦਾ ਮਾਮਲਾ ਸਦਨ ਵਿੱਚ ਰੱਖਿਆ। ਉਹਨਾਂ ਮੰਗ ਕੀਤੀ ਕਿ ਇਹਨਾਂ ਮਸਲਿਆਂ ਦਾ ਤੁਰੰਤ ਹੱਲ ਕੀਤਾ ਜਾਵੇ ਤਾਂ ਜੋ ਲੋਕਾਂ ਨੂੰ ਬੁਨਿਆਦੀ ਸਹੂਲਤਾਂ ਮਿਲ ਸਕਣ। ਮੰਤਰੀ ਵੱਲੋਂ ਭਰੋਸਾ ਦਿੱਤਾ ਗਿਆ ਕਿ ਮਾਮਲਿਆਂ ਦੀ ਪੜਤਾਲ ਕਰਵਾ ਕੇ ਢੁਕਵੀਂ ਕਾਰਵਾਈ ਕੀਤੀ ਜਾਵੇਗੀ।
